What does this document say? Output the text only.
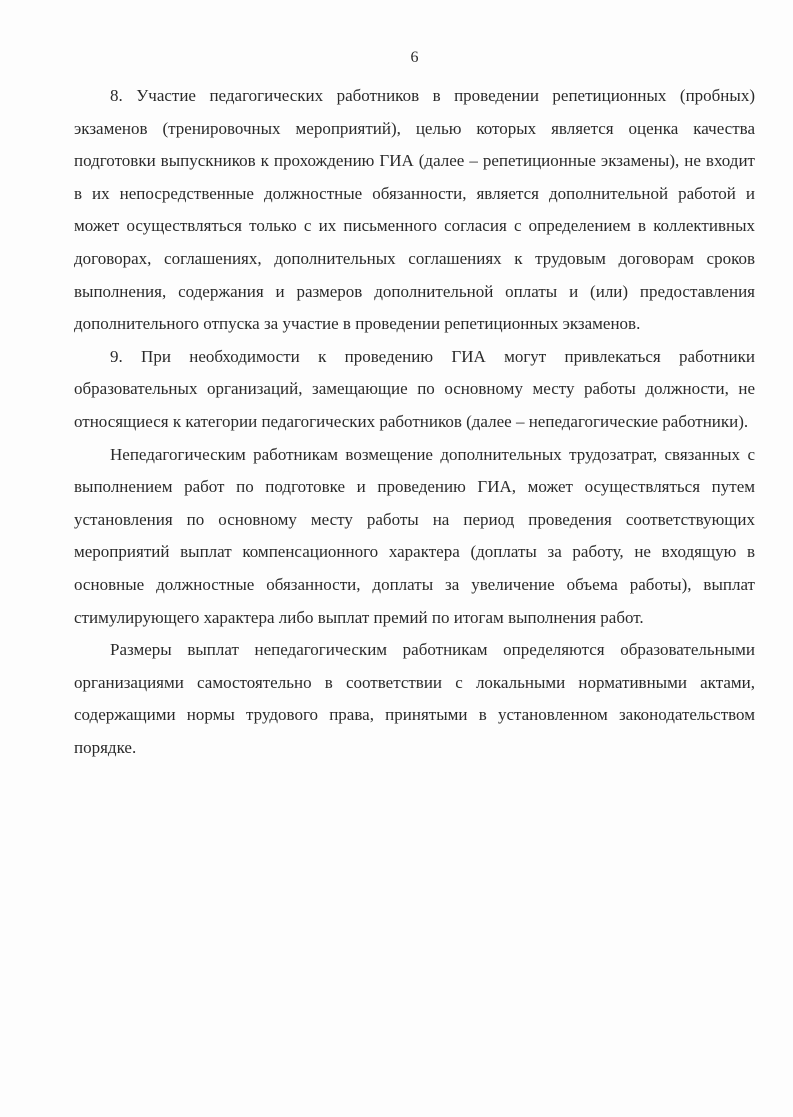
6

8. Участие педагогических работников в проведении репетиционных (пробных) экзаменов (тренировочных мероприятий), целью которых является оценка качества подготовки выпускников к прохождению ГИА (далее – репетиционные экзамены), не входит в их непосредственные должностные обязанности, является дополнительной работой и может осуществляться только с их письменного согласия с определением в коллективных договорах, соглашениях, дополнительных соглашениях к трудовым договорам сроков выполнения, содержания и размеров дополнительной оплаты и (или) предоставления дополнительного отпуска за участие в проведении репетиционных экзаменов.

9. При необходимости к проведению ГИА могут привлекаться работники образовательных организаций, замещающие по основному месту работы должности, не относящиеся к категории педагогических работников (далее – непедагогические работники).

Непедагогическим работникам возмещение дополнительных трудозатрат, связанных с выполнением работ по подготовке и проведению ГИА, может осуществляться путем установления по основному месту работы на период проведения соответствующих мероприятий выплат компенсационного характера (доплаты за работу, не входящую в основные должностные обязанности, доплаты за увеличение объема работы), выплат стимулирующего характера либо выплат премий по итогам выполнения работ.

Размеры выплат непедагогическим работникам определяются образовательными организациями самостоятельно в соответствии с локальными нормативными актами, содержащими нормы трудового права, принятыми в установленном законодательством порядке.
